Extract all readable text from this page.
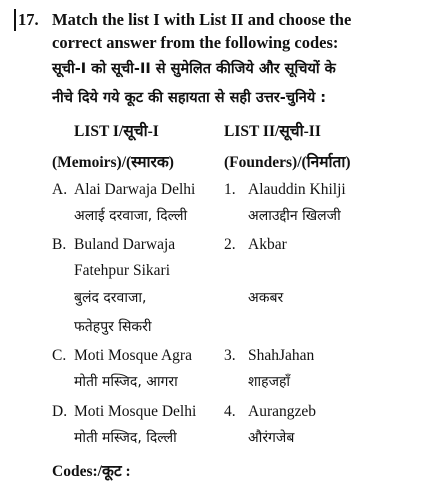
17. Match the list I with List II and choose the
correct answer from the following codes:
सूची-I को सूची-II से सुमेलित कीजिये और सूचियों के
नीचे दिये गये कूट की सहायता से सही उत्तर-चुनिये :
LIST I/सूची-I	LIST II/सूची-II
(Memoirs)/(स्मारक)	(Founders)/(निर्माता)
A. Alai Darwaja Delhi
अलाई दरवाजा, दिल्ली
1. Alauddin Khilji
अलाउद्दीन खिलजी
B. Buland Darwaja
Fatehpur Sikari
बुलंद दरवाजा,
फतेहपुर सिकरी
2. Akbar
अकबर
C. Moti Mosque Agra
मोती मस्जिद, आगरा
3. ShahJahan
शाहजहाँ
D. Moti Mosque Delhi
मोती मस्जिद, दिल्ली
4. Aurangzeb
औरंगजेब
Codes:/कूट :
